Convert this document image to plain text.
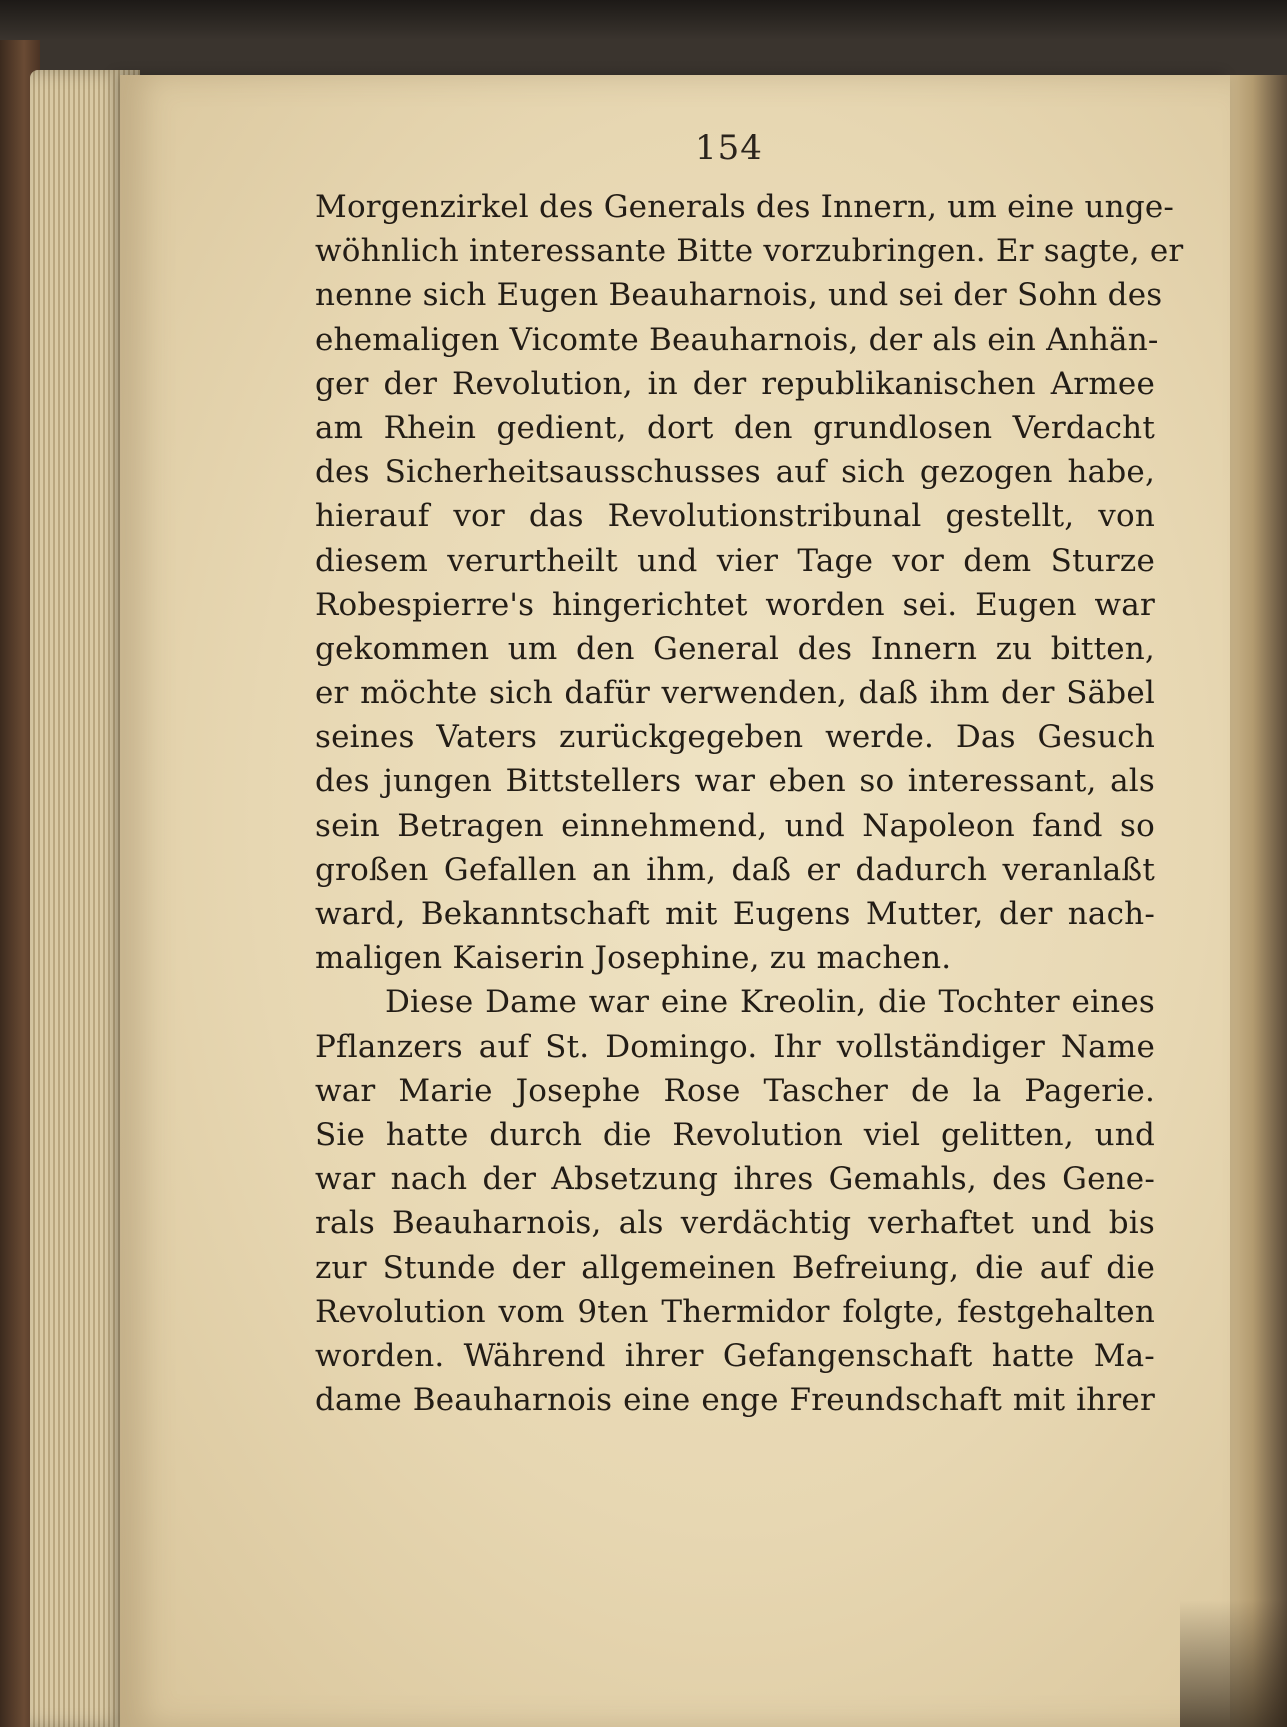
154
Morgenzirkel des Generals des Innern, um eine unge-
wöhnlich interessante Bitte vorzubringen. Er sagte, er
nenne sich Eugen Beauharnois, und sei der Sohn des
ehemaligen Vicomte Beauharnois, der als ein Anhän-
ger der Revolution, in der republikanischen Armee
am Rhein gedient, dort den grundlosen Verdacht
des Sicherheitsausschusses auf sich gezogen habe,
hierauf vor das Revolutionstribunal gestellt, von
diesem verurtheilt und vier Tage vor dem Sturze
Robespierre's hingerichtet worden sei. Eugen war
gekommen um den General des Innern zu bitten,
er möchte sich dafür verwenden, daß ihm der Säbel
seines Vaters zurückgegeben werde. Das Gesuch
des jungen Bittstellers war eben so interessant, als
sein Betragen einnehmend, und Napoleon fand so
großen Gefallen an ihm, daß er dadurch veranlaßt
ward, Bekanntschaft mit Eugens Mutter, der nach-
maligen Kaiserin Josephine, zu machen.
Diese Dame war eine Kreolin, die Tochter eines
Pflanzers auf St. Domingo. Ihr vollständiger Name
war Marie Josephe Rose Tascher de la Pagerie.
Sie hatte durch die Revolution viel gelitten, und
war nach der Absetzung ihres Gemahls, des Gene-
rals Beauharnois, als verdächtig verhaftet und bis
zur Stunde der allgemeinen Befreiung, die auf die
Revolution vom 9ten Thermidor folgte, festgehalten
worden. Während ihrer Gefangenschaft hatte Ma-
dame Beauharnois eine enge Freundschaft mit ihrer
